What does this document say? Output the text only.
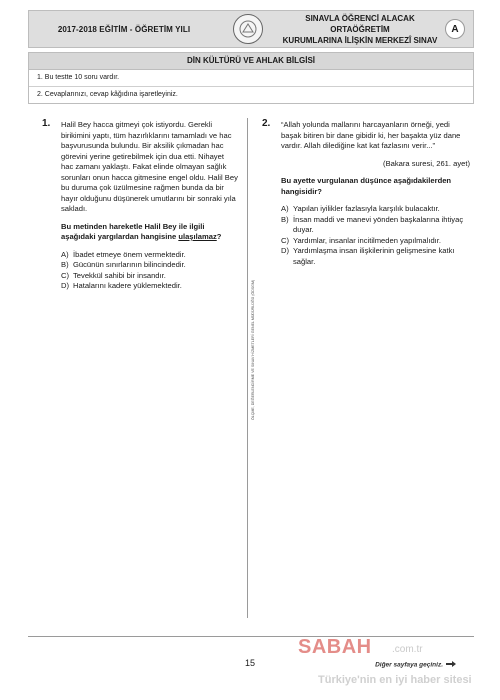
2017-2018 EĞİTİM - ÖĞRETİM YILI
SINAVLA ÖĞRENCİ ALACAK ORTAÖĞRETİM
KURUMLARINA İLİŞKİN MERKEZÎ SINAV
A
DİN KÜLTÜRÜ VE AHLAK BİLGİSİ
1. Bu testte 10 soru vardır.
2. Cevaplarınızı, cevap kâğıdına işaretleyiniz.
1. Halil Bey hacca gitmeyi çok istiyordu. Gerekli birikimini yaptı, tüm hazırlıklarını tamamladı ve hac başvurusunda bulundu. Bir aksilik çıkmadan hac görevini yerine getirebilmek için dua etti. Nihayet hac zamanı yaklaştı. Fakat elinde olmayan sağlık sorunları onun hacca gitmesine engel oldu. Halil Bey bu duruma çok üzülmesine rağmen bunda da bir hayır olduğunu düşünerek umutlarını bir sonraki yıla sakladı.

Bu metinden hareketle Halil Bey ile ilgili aşağıdaki yargılardan hangisine ulaşılamaz?

A) İbadet etmeye önem vermektedir.
B) Gücünün sınırlarının bilincindedir.
C) Tevekkül sahibi bir insandır.
D) Hatalarını kadere yüklemektedir.	ÖLÇME, DEĞERLENDİRME VE SINAV HİZMETLERİ GENEL MÜDÜRLÜĞÜ (ÖDSGM)
2. “Allah yolunda mallarını harcayanların örneği, yedi başak bitiren bir dane gibidir ki, her başakta yüz dane vardır. Allah dilediğine kat kat fazlasını verir...”

(Bakara suresi, 261. ayet)

Bu ayette vurgulanan düşünce aşağıdakilerden hangisidir?

A) Yapılan iyilikler fazlasıyla karşılık bulacaktır.
B) İnsan maddi ve manevi yönden başkalarına ihtiyaç duyar.
C) Yardımlar, insanlar incitilmeden yapılmalıdır.
D) Yardımlaşma insan ilişkilerinin gelişmesine katkı sağlar.
15	Diğer sayfaya geçiniz.
SABAH .com.tr
Türkiye'nin en iyi haber sitesi
